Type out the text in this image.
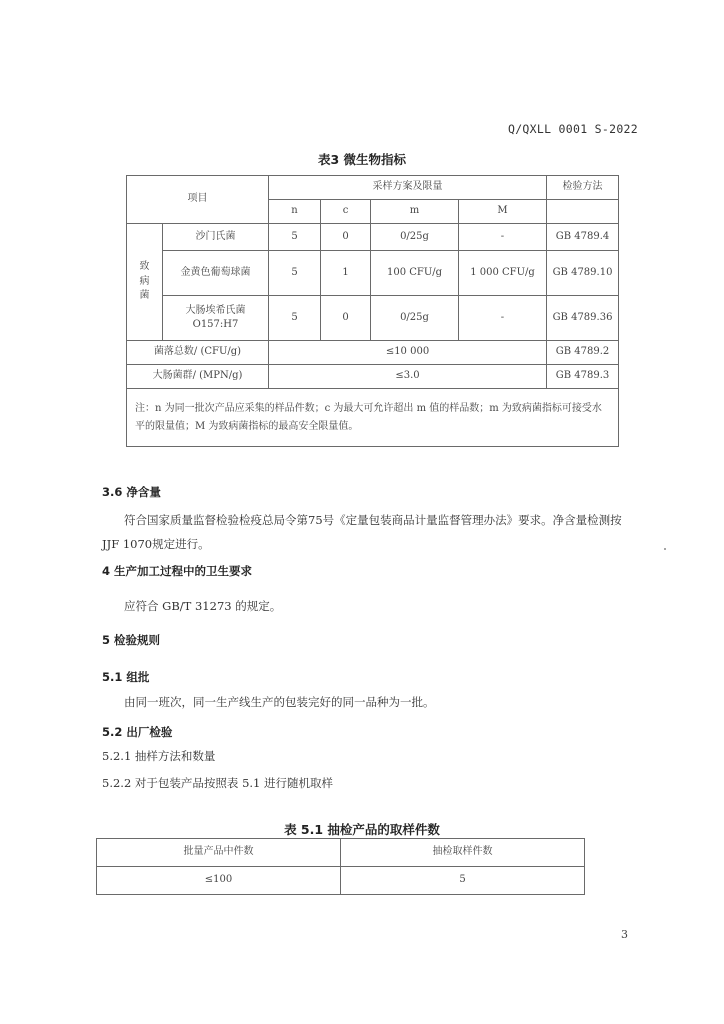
Q/QXLL 0001 S-2022
表3 微生物指标
项目		采样方案及限量				检验方法
		n	c	m	M	
致病菌	沙门氏菌	5	0	0/25g	-	GB 4789.4
	金黄色葡萄球菌	5	1	100 CFU/g	1 000 CFU/g	GB 4789.10
	大肠埃希氏菌O157:H7	5	0	0/25g	-	GB 4789.36
菌落总数/ (CFU/g)		≤10 000				GB 4789.2
大肠菌群/ (MPN/g)		≤3.0				GB 4789.3
注：n 为同一批次产品应采集的样品件数；c 为最大可允许超出 m 值的样品数；m 为致病菌指标可接受水平的限量值；M 为致病菌指标的最高安全限量值。						
3.6 净含量
符合国家质量监督检验检疫总局令第75号《定量包装商品计量监督管理办法》要求。净含量检测按JJF 1070规定进行。
4 生产加工过程中的卫生要求
应符合 GB/T 31273 的规定。
5 检验规则
5.1 组批
由同一班次，同一生产线生产的包装完好的同一品种为一批。
5.2 出厂检验
5.2.1 抽样方法和数量
5.2.2 对于包装产品按照表 5.1 进行随机取样
表 5.1 抽检产品的取样件数
批量产品中件数	抽检取样件数
≤100	5
3
